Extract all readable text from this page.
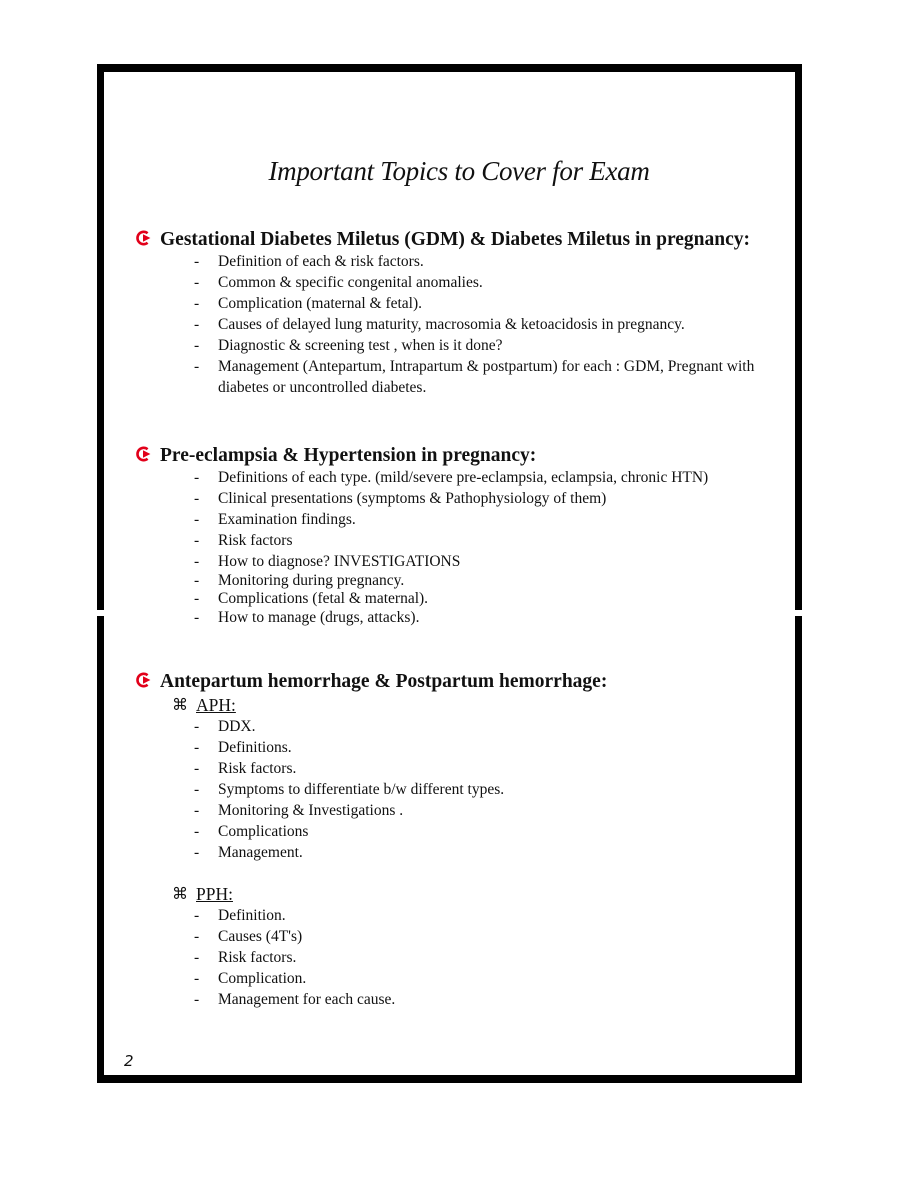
Important Topics to Cover for Exam
Gestational Diabetes Miletus (GDM) & Diabetes Miletus in pregnancy:
- Definition of each & risk factors.
- Common & specific congenital anomalies.
- Complication (maternal & fetal).
- Causes of delayed lung maturity, macrosomia & ketoacidosis in pregnancy.
- Diagnostic & screening test , when is it done?
- Management (Antepartum, Intrapartum & postpartum) for each : GDM, Pregnant with diabetes or uncontrolled diabetes.
Pre-eclampsia & Hypertension in pregnancy:
- Definitions of each type. (mild/severe pre-eclampsia, eclampsia, chronic HTN)
- Clinical presentations (symptoms & Pathophysiology of them)
- Examination findings.
- Risk factors
- How to diagnose? INVESTIGATIONS
- Monitoring during pregnancy.
- Complications (fetal & maternal).
- How to manage (drugs, attacks).
Antepartum hemorrhage & Postpartum hemorrhage:
⌘ APH:
- DDX.
- Definitions.
- Risk factors.
- Symptoms to differentiate b/w different types.
- Monitoring & Investigations .
- Complications
- Management.
⌘ PPH:
- Definition.
- Causes (4T's)
- Risk factors.
- Complication.
- Management for each cause.
2
